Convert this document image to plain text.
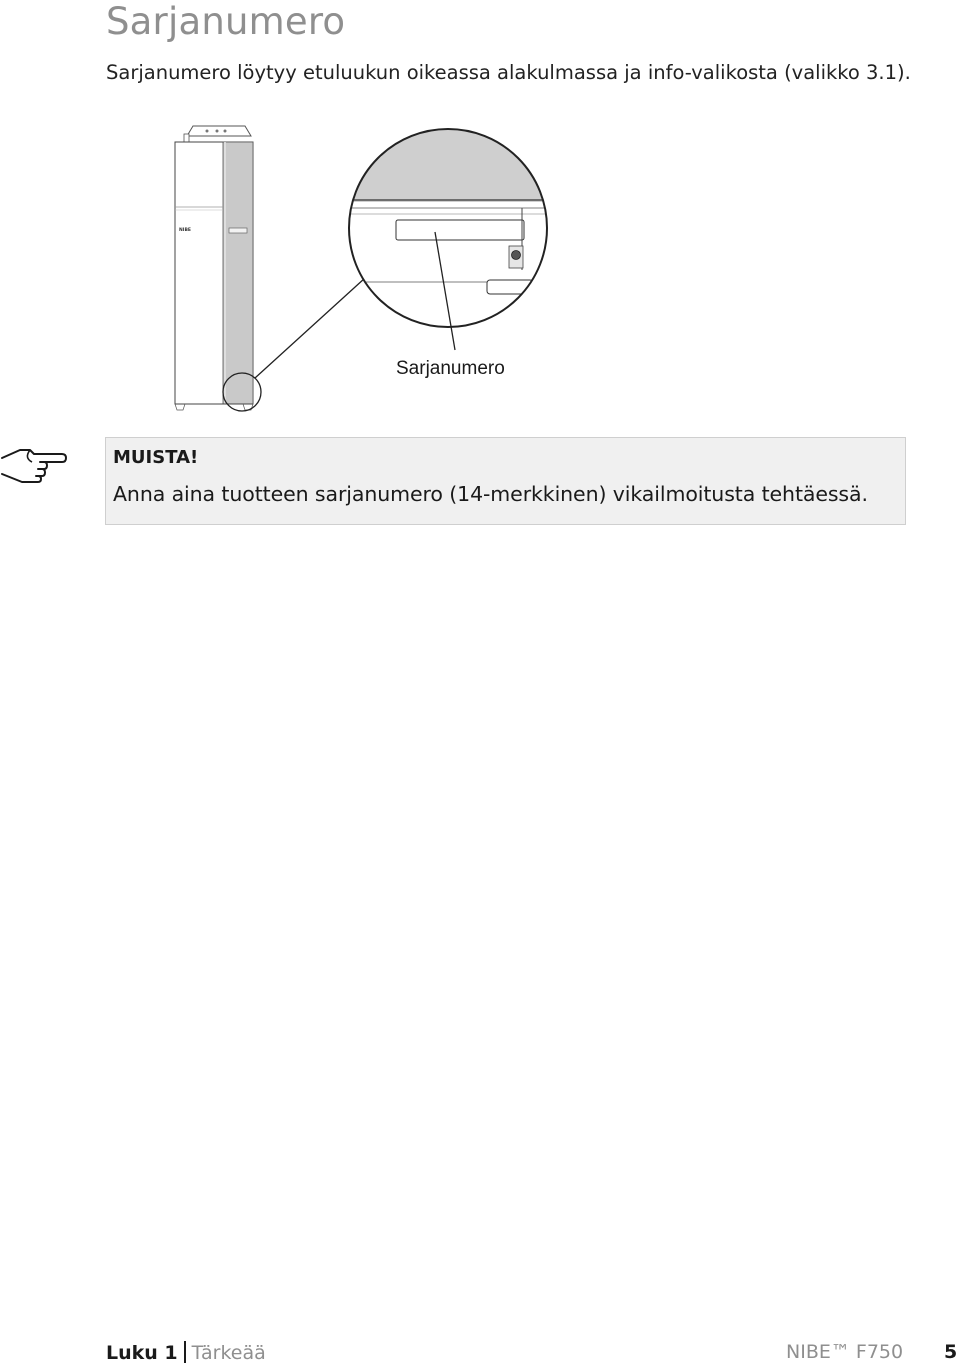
Sarjanumero

Sarjanumero löytyy etuluukun oikeassa alakulmassa ja info-valikosta (valikko 3.1).

NIBE
Sarjanumero
MUISTA!
Anna aina tuotteen sarjanumero (14-merkkinen) vikailmoitusta tehtäessä.
Luku 1 Tärkeää	NIBE™ F750 5
